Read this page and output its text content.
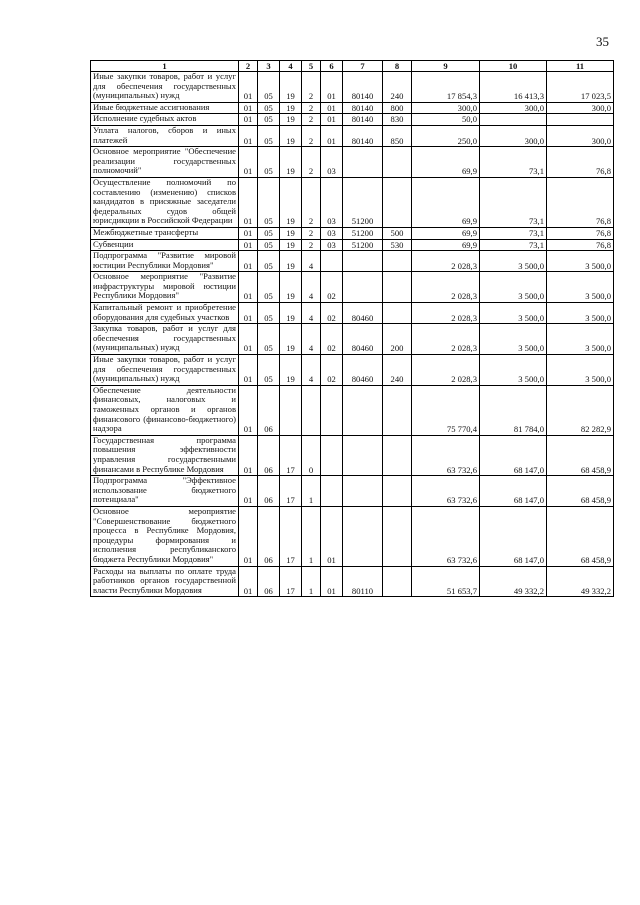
35
1	2	3	4	5	6	7	8	9	10	11
Иные закупки товаров, работ и услуг для обеспечения государственных (муниципальных) нужд	01	05	19	2	01	80140	240	17 854,3	16 413,3	17 023,5
Иные бюджетные ассигнования	01	05	19	2	01	80140	800	300,0	300,0	300,0
Исполнение судебных актов	01	05	19	2	01	80140	830	50,0		
Уплата налогов, сборов и иных платежей	01	05	19	2	01	80140	850	250,0	300,0	300,0
Основное мероприятие "Обеспечение реализации государственных полномочий"	01	05	19	2	03			69,9	73,1	76,8
Осуществление полномочий по составлению (изменению) списков кандидатов в присяжные заседатели федеральных судов общей юрисдикции в Российской Федерации	01	05	19	2	03	51200		69,9	73,1	76,8
Межбюджетные трансферты	01	05	19	2	03	51200	500	69,9	73,1	76,8
Субвенции	01	05	19	2	03	51200	530	69,9	73,1	76,8
Подпрограмма "Развитие мировой юстиции Республики Мордовия"	01	05	19	4				2 028,3	3 500,0	3 500,0
Основное мероприятие "Развитие инфраструктуры мировой юстиции Республики Мордовия"	01	05	19	4	02			2 028,3	3 500,0	3 500,0
Капитальный ремонт и приобретение оборудования для судебных участков	01	05	19	4	02	80460		2 028,3	3 500,0	3 500,0
Закупка товаров, работ и услуг для обеспечения государственных (муниципальных) нужд	01	05	19	4	02	80460	200	2 028,3	3 500,0	3 500,0
Иные закупки товаров, работ и услуг для обеспечения государственных (муниципальных) нужд	01	05	19	4	02	80460	240	2 028,3	3 500,0	3 500,0
Обеспечение деятельности финансовых, налоговых и таможенных органов и органов финансового (финансово-бюджетного) надзора	01	06						75 770,4	81 784,0	82 282,9
Государственная программа повышения эффективности управления государственными финансами в Республике Мордовия	01	06	17	0				63 732,6	68 147,0	68 458,9
Подпрограмма "Эффективное использование бюджетного потенциала"	01	06	17	1				63 732,6	68 147,0	68 458,9
Основное мероприятие "Совершенствование бюджетного процесса в Республике Мордовия, процедуры формирования и исполнения республиканского бюджета Республики Мордовия"	01	06	17	1	01			63 732,6	68 147,0	68 458,9
Расходы на выплаты по оплате труда работников органов государственной власти Республики Мордовия	01	06	17	1	01	80110		51 653,7	49 332,2	49 332,2
